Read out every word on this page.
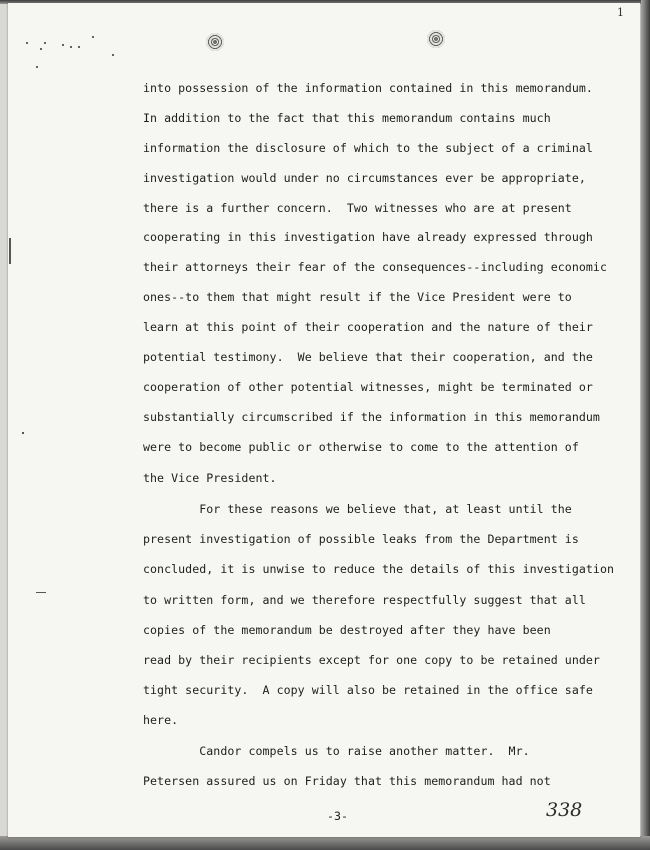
1
into possession of the information contained in this memorandum.
In addition to the fact that this memorandum contains much
information the disclosure of which to the subject of a criminal
investigation would under no circumstances ever be appropriate,
there is a further concern.  Two witnesses who are at present
cooperating in this investigation have already expressed through
their attorneys their fear of the consequences--including economic
ones--to them that might result if the Vice President were to
learn at this point of their cooperation and the nature of their
potential testimony.  We believe that their cooperation, and the
cooperation of other potential witnesses, might be terminated or
substantially circumscribed if the information in this memorandum
were to become public or otherwise to come to the attention of
the Vice President.
For these reasons we believe that, at least until the
present investigation of possible leaks from the Department is
concluded, it is unwise to reduce the details of this investigation
to written form, and we therefore respectfully suggest that all
copies of the memorandum be destroyed after they have been
read by their recipients except for one copy to be retained under
tight security.  A copy will also be retained in the office safe
here.
Candor compels us to raise another matter.  Mr.
Petersen assured us on Friday that this memorandum had not
-3-	338
